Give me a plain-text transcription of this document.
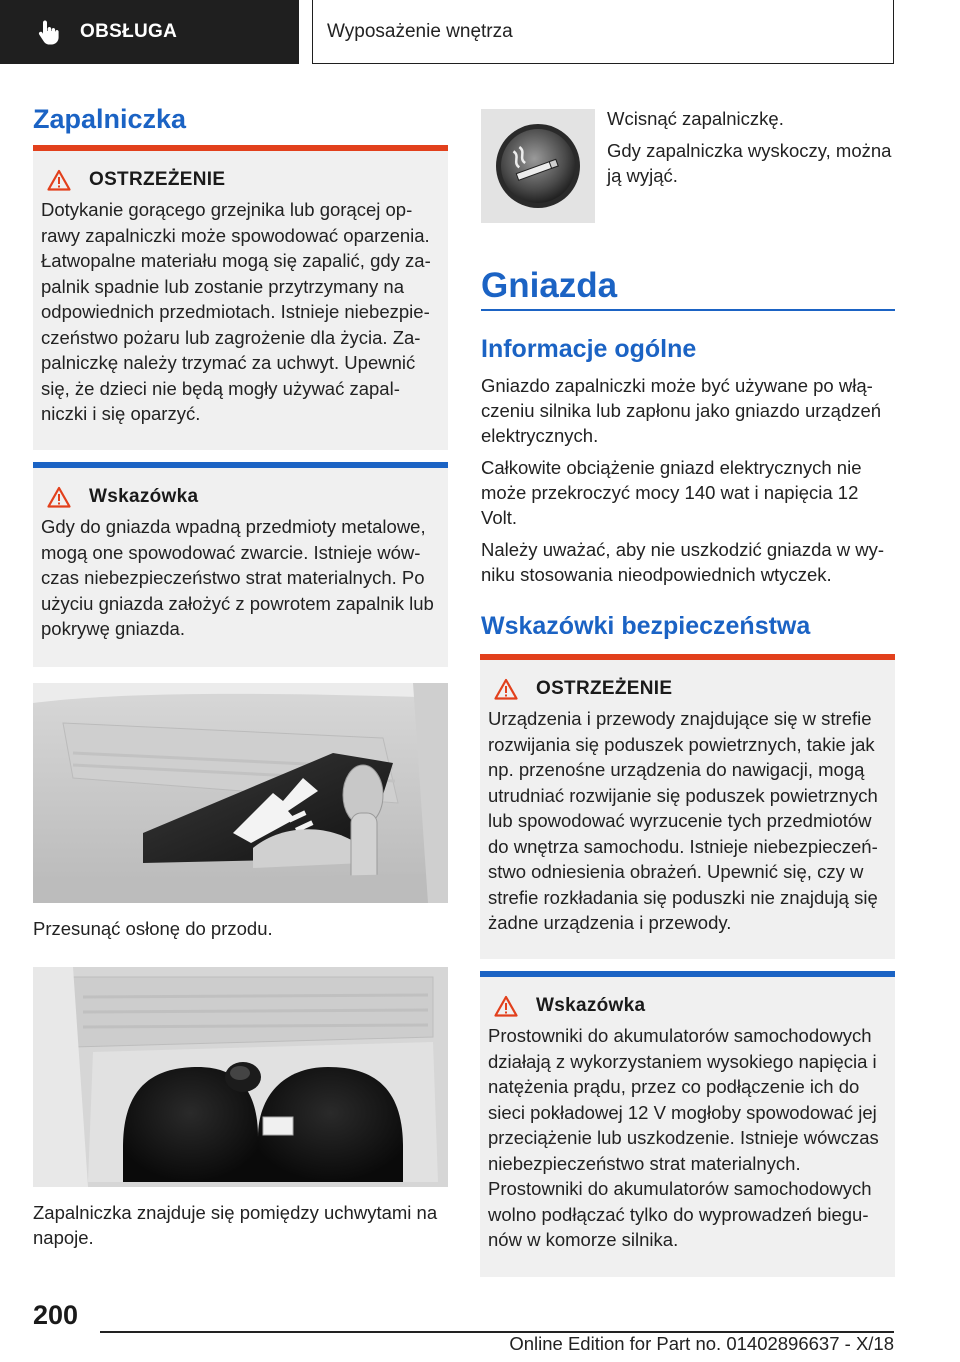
OBSŁUGA	Wyposażenie wnętrza
Zapalniczka
OSTRZEŻENIE
Dotykanie gorącego grzejnika lub gorącej oprawy zapalniczki może spowodować oparzenia. Łatwopalne materiału mogą się zapalić, gdy zapalnik spadnie lub zostanie przytrzymany na odpowiednich przedmiotach. Istnieje niebezpieczeństwo pożaru lub zagrożenie dla życia. Zapalniczkę należy trzymać za uchwyt. Upewnić się, że dzieci nie będą mogły używać zapalniczki i się oparzyć.
Wskazówka
Gdy do gniazda wpadną przedmioty metalowe, mogą one spowodować zwarcie. Istnieje wówczas niebezpieczeństwo strat materialnych. Po użyciu gniazda założyć z powrotem zapalnik lub pokrywę gniazda.
Przesunąć osłonę do przodu.
Zapalniczka znajduje się pomiędzy uchwytami na napoje.
Wcisnąć zapalniczkę.
Gdy zapalniczka wyskoczy, można ją wyjąć.
Gniazda
Informacje ogólne
Gniazdo zapalniczki może być używane po włączeniu silnika lub zapłonu jako gniazdo urządzeń elektrycznych.
Całkowite obciążenie gniazd elektrycznych nie może przekroczyć mocy 140 wat i napięcia 12 Volt.
Należy uważać, aby nie uszkodzić gniazda w wyniku stosowania nieodpowiednich wtyczek.
Wskazówki bezpieczeństwa
OSTRZEŻENIE
Urządzenia i przewody znajdujące się w strefie rozwijania się poduszek powietrznych, takie jak np. przenośne urządzenia do nawigacji, mogą utrudniać rozwijanie się poduszek powietrznych lub spowodować wyrzucenie tych przedmiotów do wnętrza samochodu. Istnieje niebezpieczeństwo odniesienia obrażeń. Upewnić się, czy w strefie rozkładania się poduszki nie znajdują się żadne urządzenia i przewody.
Wskazówka
Prostowniki do akumulatorów samochodowych działają z wykorzystaniem wysokiego napięcia i natężenia prądu, przez co podłączenie ich do sieci pokładowej 12 V mogłoby spowodować jej przeciążenie lub uszkodzenie. Istnieje wówczas niebezpieczeństwo strat materialnych. Prostowniki do akumulatorów samochodowych wolno podłączać tylko do wyprowadzeń biegunów w komorze silnika.
200
Online Edition for Part no. 01402896637 - X/18
